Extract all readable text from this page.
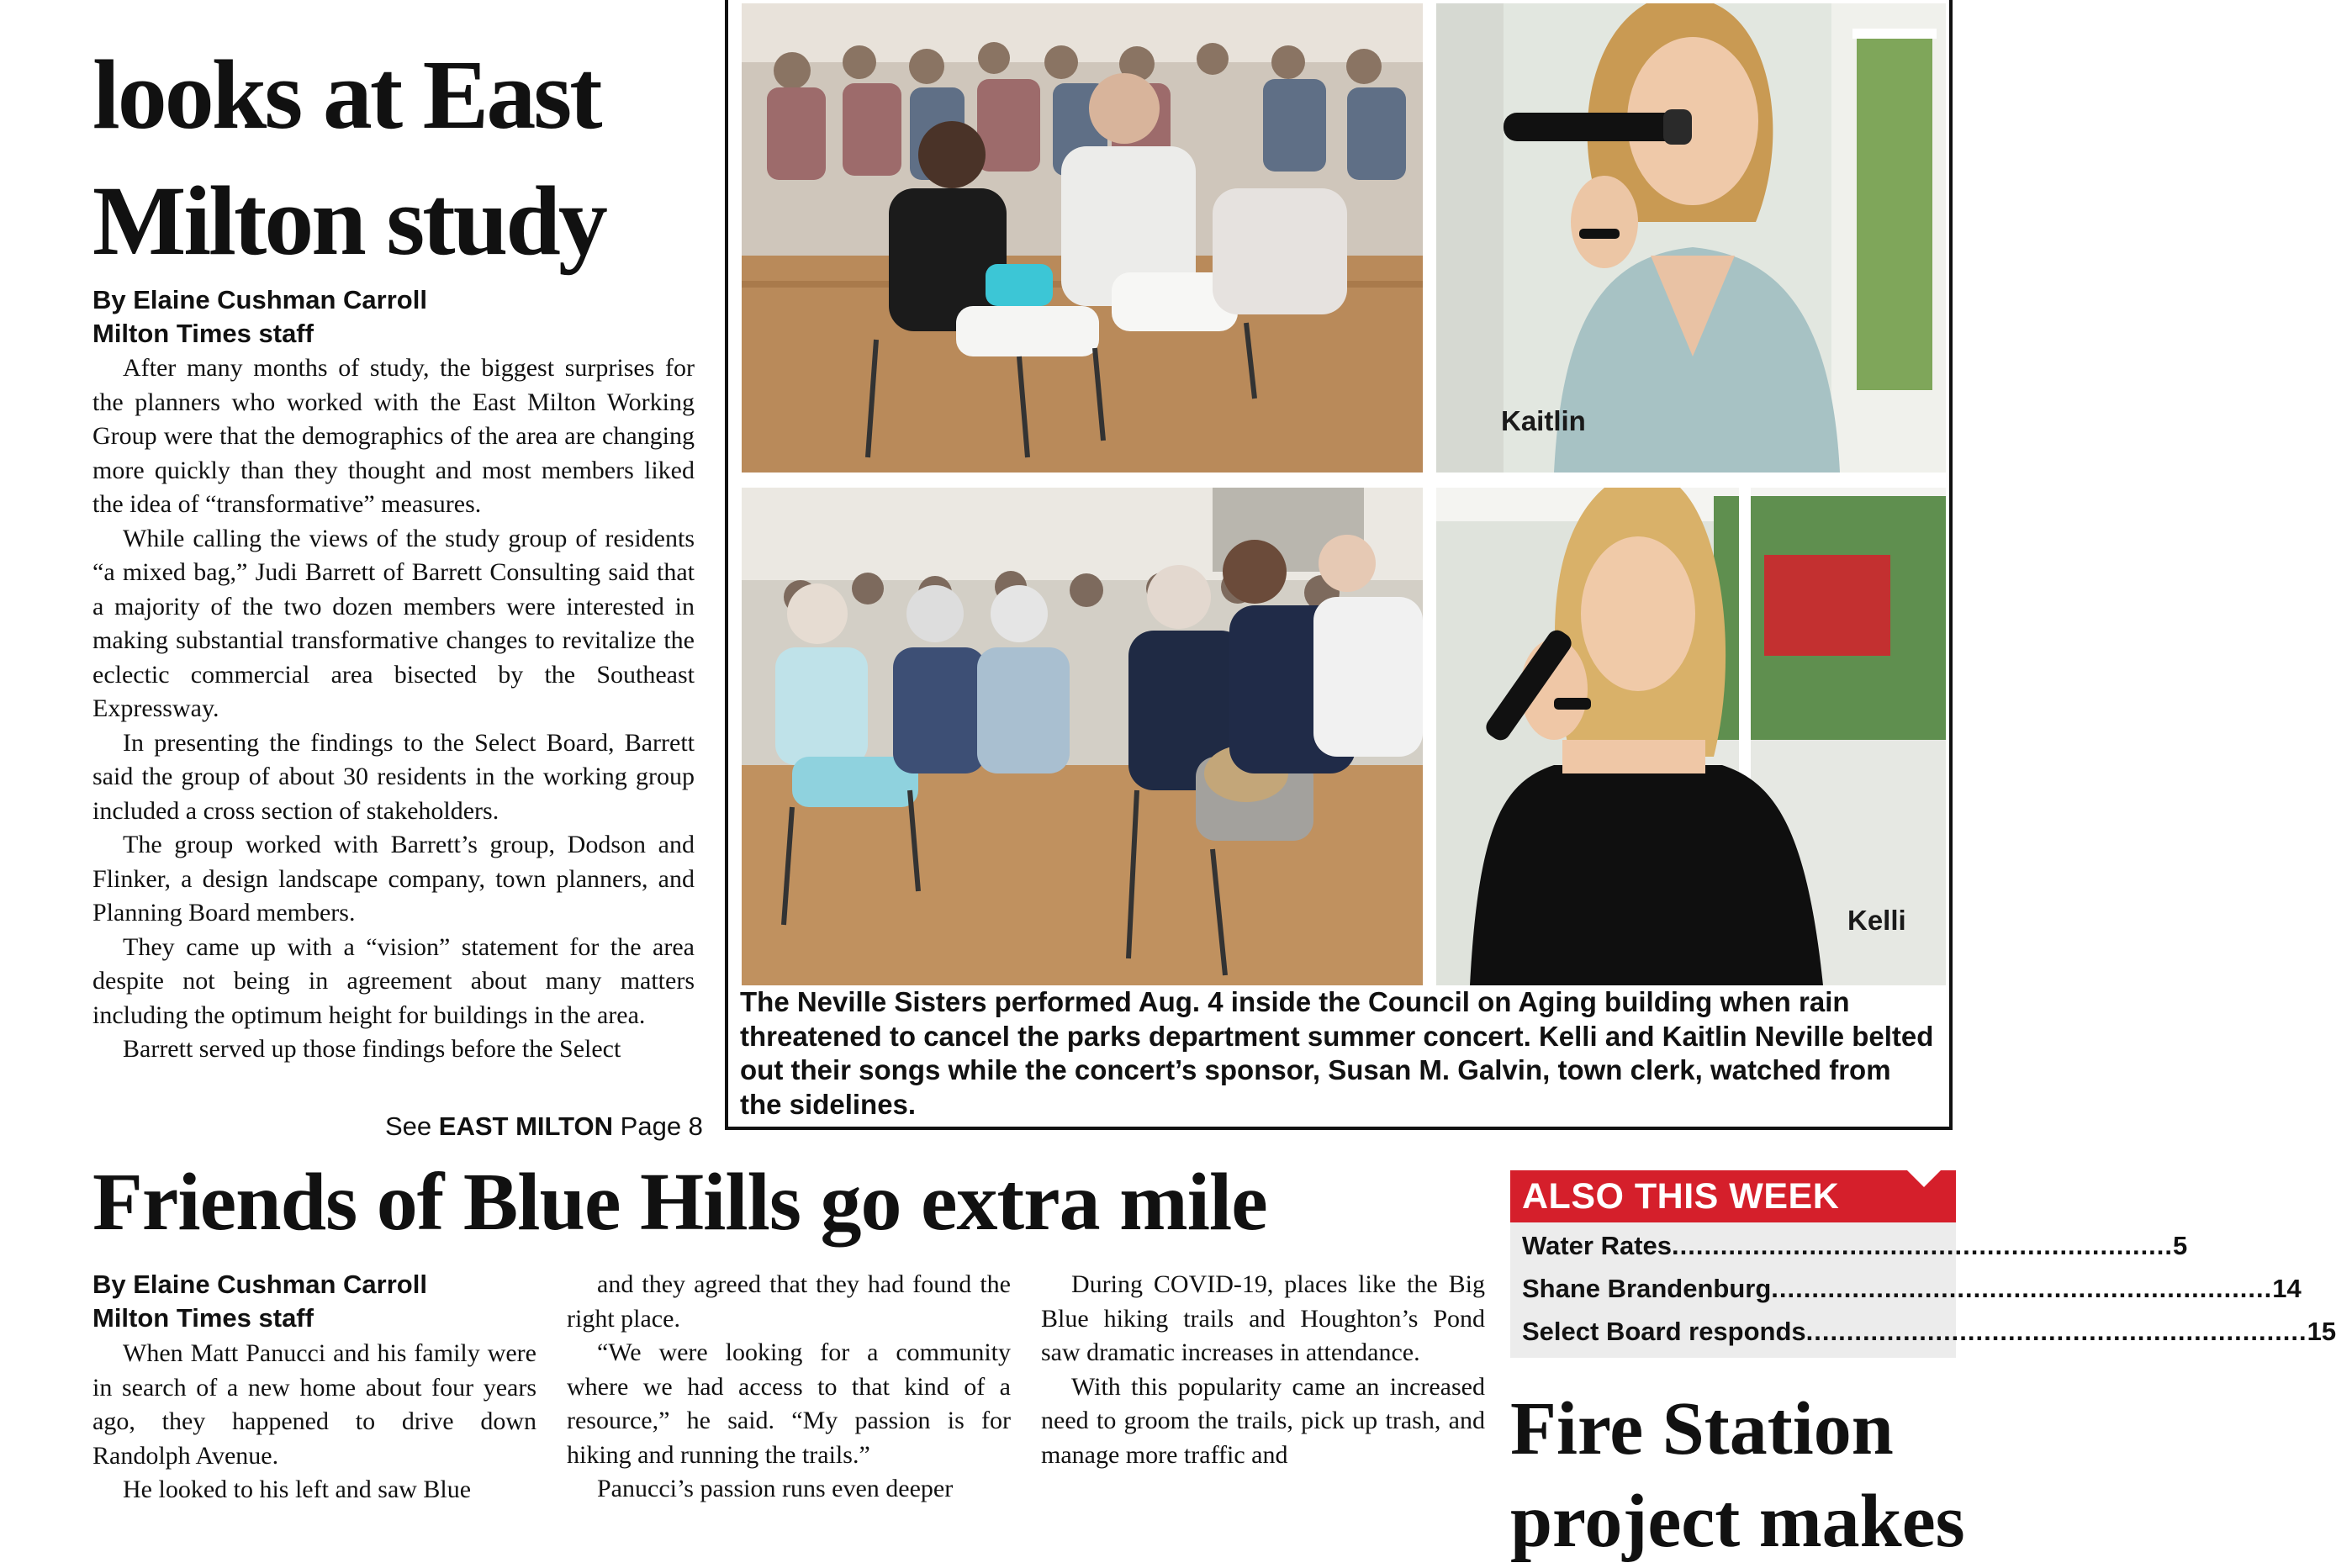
looks at East
Milton study
By Elaine Cushman Carroll
Milton Times staff

After many months of study, the biggest surprises for the planners who worked with the East Milton Working Group were that the demographics of the area are changing more quickly than they thought and most members liked the idea of “transformative” measures.

While calling the views of the study group of residents “a mixed bag,” Judi Barrett of Barrett Consulting said that a majority of the two dozen members were interested in making substantial transformative changes to revitalize the eclectic commercial area bisected by the Southeast Expressway.

In presenting the findings to the Select Board, Barrett said the group of about 30 residents in the working group included a cross section of stakeholders.

The group worked with Barrett’s group, Dodson and Flinker, a design landscape company, town planners, and Planning Board members.

They came up with a “vision” statement for the area despite not being in agreement about many matters including the optimum height for buildings in the area.

Barrett served up those findings before the Select

See EAST MILTON Page 8
Kaitlin
Kelli
The Neville Sisters performed Aug. 4 inside the Council on Aging building when rain threatened to cancel the parks department summer concert. Kelli and Kaitlin Neville belted out their songs while the concert’s sponsor, Susan M. Galvin, town clerk, watched from the sidelines.
Friends of Blue Hills go extra mile
By Elaine Cushman Carroll
Milton Times staff

When Matt Panucci and his family were in search of a new home about four years ago, they happened to drive down Randolph Avenue.

He looked to his left and saw Blue

and they agreed that they had found the right place.

“We were looking for a community where we had access to that kind of a resource,” he said. “My passion is for hiking and running the trails.”

Panucci’s passion runs even deeper

During COVID-19, places like the Big Blue hiking trails and Houghton’s Pond saw dramatic increases in attendance.

With this popularity came an increased need to groom the trails, pick up trash, and manage more traffic and

ALSO THIS WEEK
Water Rates .............................................................. 5
Shane Brandenburg .............................................................. 14
Select Board responds .............................................................. 15
Fire Station
project makes
